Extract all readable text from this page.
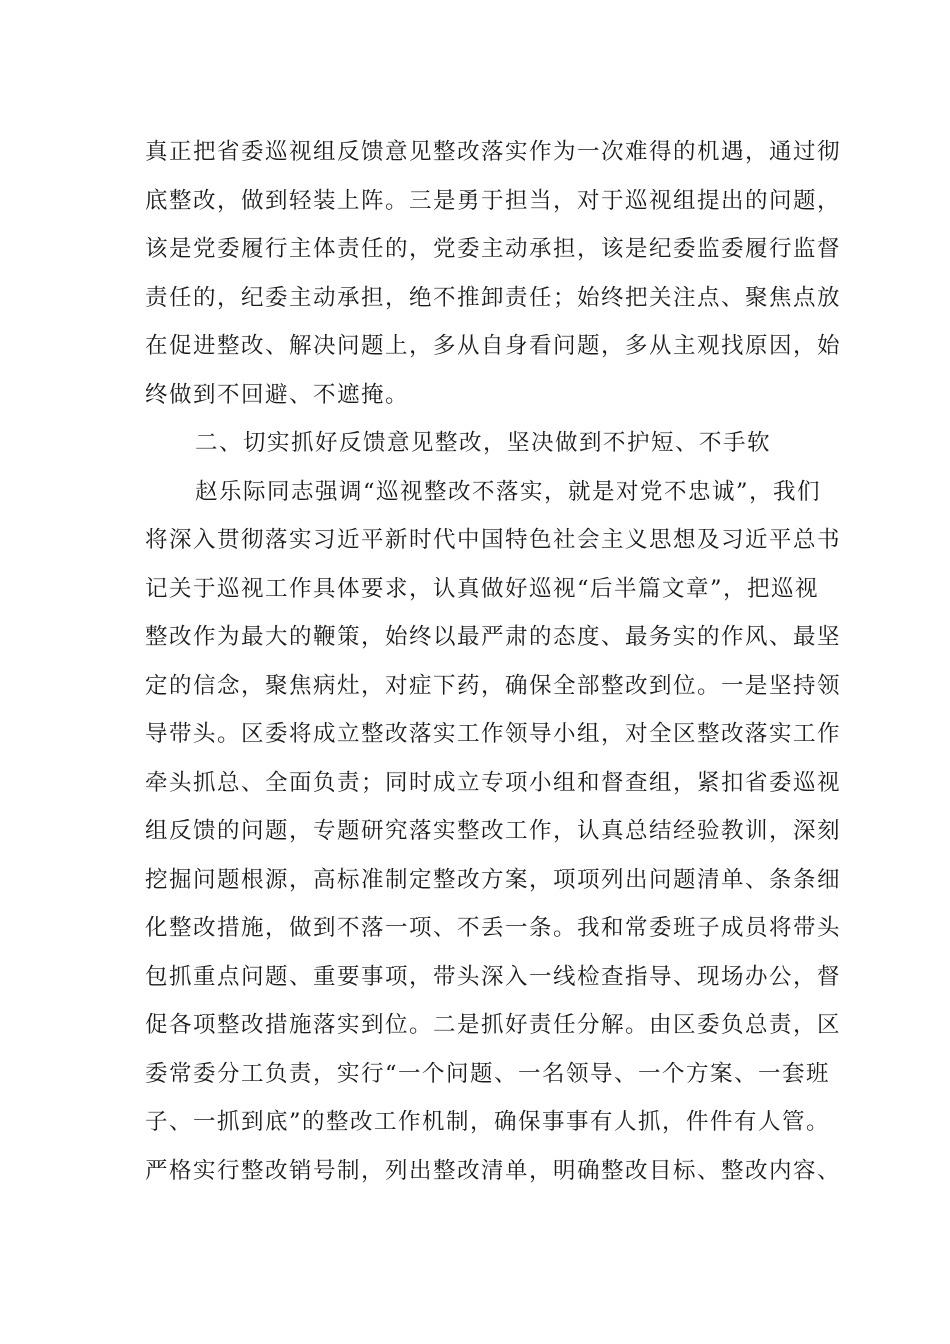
真正把省委巡视组反馈意见整改落实作为一次难得的机遇，通过彻
底整改，做到轻装上阵。三是勇于担当，对于巡视组提出的问题，
该是党委履行主体责任的，党委主动承担，该是纪委监委履行监督
责任的，纪委主动承担，绝不推卸责任；始终把关注点、聚焦点放
在促进整改、解决问题上，多从自身看问题，多从主观找原因，始
终做到不回避、不遮掩。
二、切实抓好反馈意见整改，坚决做到不护短、不手软
赵乐际同志强调“巡视整改不落实，就是对党不忠诚”，我们
将深入贯彻落实习近平新时代中国特色社会主义思想及习近平总书
记关于巡视工作具体要求，认真做好巡视“后半篇文章”，把巡视
整改作为最大的鞭策，始终以最严肃的态度、最务实的作风、最坚
定的信念，聚焦病灶，对症下药，确保全部整改到位。一是坚持领
导带头。区委将成立整改落实工作领导小组，对全区整改落实工作
牵头抓总、全面负责；同时成立专项小组和督查组，紧扣省委巡视
组反馈的问题，专题研究落实整改工作，认真总结经验教训，深刻
挖掘问题根源，高标准制定整改方案，项项列出问题清单、条条细
化整改措施，做到不落一项、不丢一条。我和常委班子成员将带头
包抓重点问题、重要事项，带头深入一线检查指导、现场办公，督
促各项整改措施落实到位。二是抓好责任分解。由区委负总责，区
委常委分工负责，实行“一个问题、一名领导、一个方案、一套班
子、一抓到底”的整改工作机制，确保事事有人抓，件件有人管。
严格实行整改销号制，列出整改清单，明确整改目标、整改内容、
